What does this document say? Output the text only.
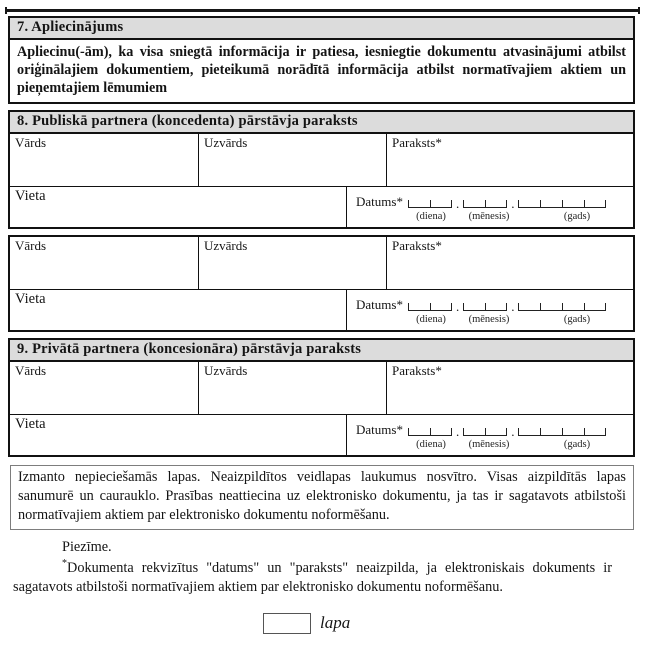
7. Apliecinājums
Apliecinu(-ām), ka visa sniegtā informācija ir patiesa, iesniegtie dokumentu atvasinājumi atbilst oriģinālajiem dokumentiem, pieteikumā norādītā informācija atbilst normatīvajiem aktiem un pieņemtajiem lēmumiem
8. Publiskā partnera (koncedenta) pārstāvja paraksts
Vārds	Uzvārds	Paraksts*
Vieta	Datums*	.	.
(diena)	(mēnesis)	(gads)
Vārds	Uzvārds	Paraksts*
Vieta	Datums*	.	.
(diena)	(mēnesis)	(gads)
9. Privātā partnera (koncesionāra) pārstāvja paraksts
Vārds	Uzvārds	Paraksts*
Vieta	Datums*	.	.
(diena)	(mēnesis)	(gads)
Izmanto nepieciešamās lapas. Neaizpildītos veidlapas laukumus nosvītro. Visas aizpildītās lapas sanumurē un caurauklo. Prasības neattiecina uz elektronisko dokumentu, ja tas ir sagatavots atbilstoši normatīvajiem aktiem par elektronisko dokumentu noformēšanu.
Piezīme.
*Dokumenta rekvizītus "datums" un "paraksts" neaizpilda, ja elektroniskais dokuments ir sagatavots atbilstoši normatīvajiem aktiem par elektronisko dokumentu noformēšanu.
lapa
